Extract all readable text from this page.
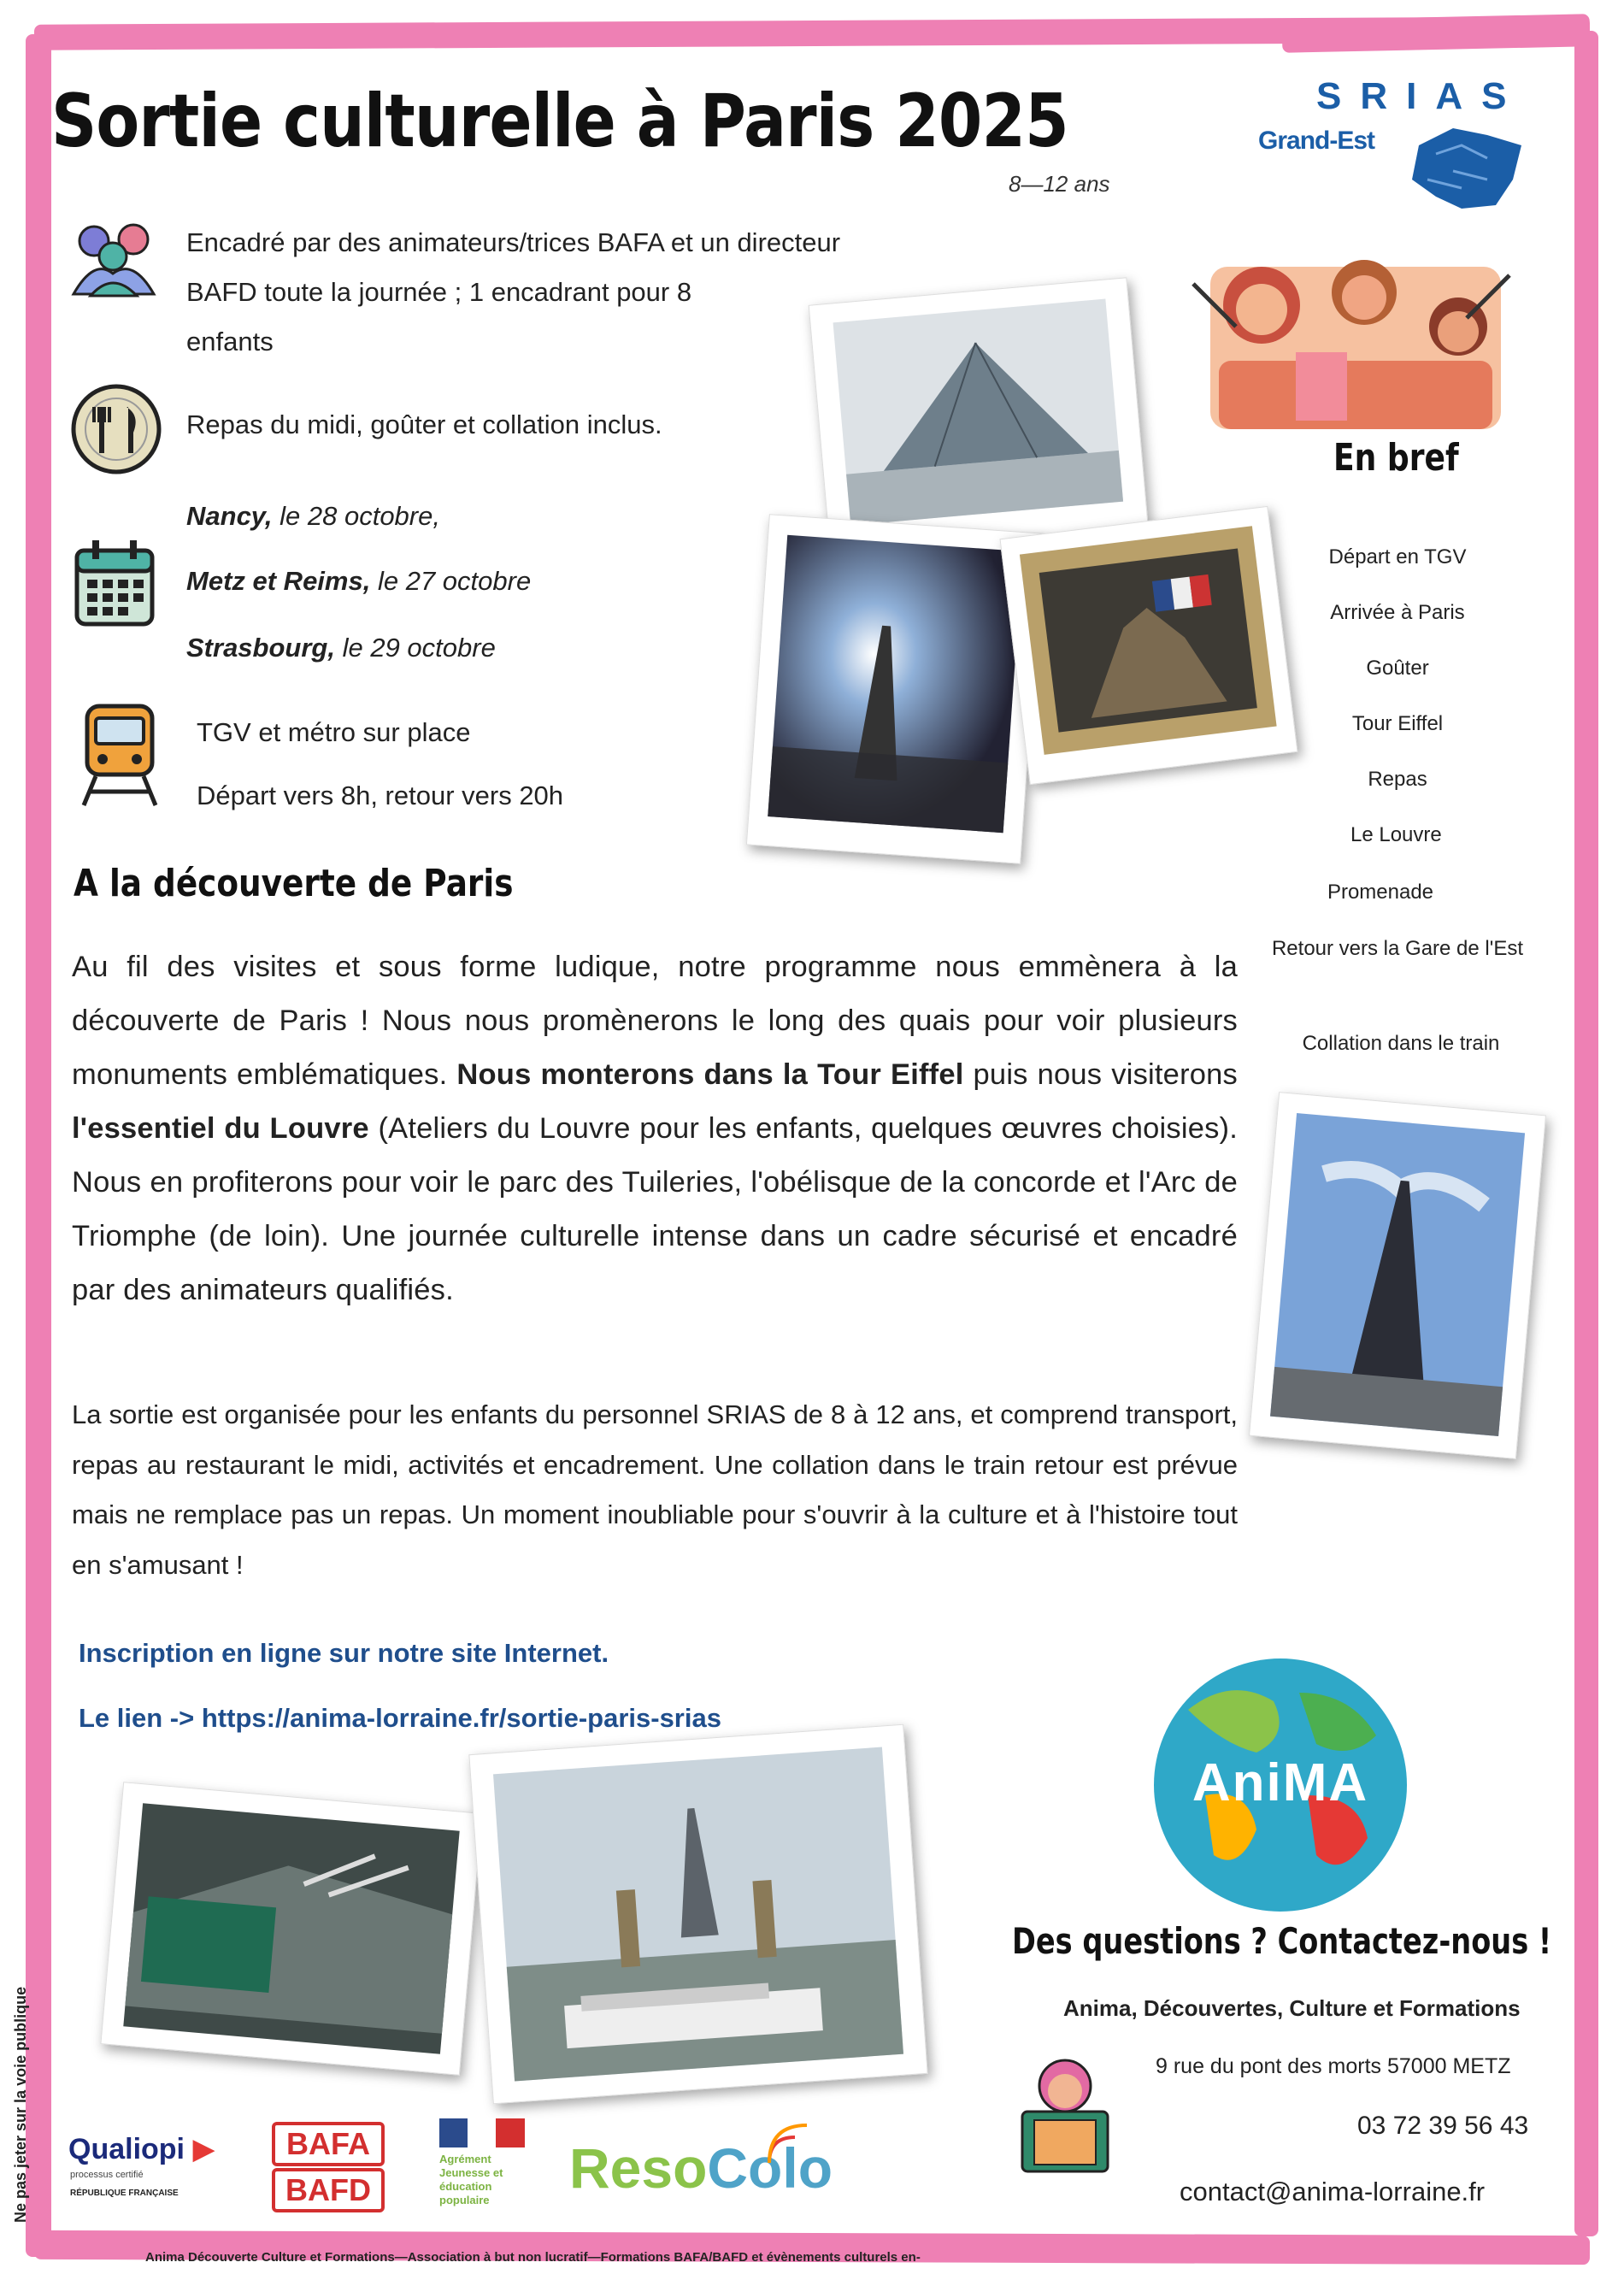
Sortie culturelle à Paris 2025
8—12 ans
SRIAS
Grand-Est
Encadré par des animateurs/trices BAFA et un directeur
BAFD toute la journée ; 1 encadrant pour 8
enfants
Repas du midi, goûter et collation inclus.
Nancy, le 28 octobre,
Metz et Reims, le 27 octobre
Strasbourg, le 29 octobre
TGV et métro sur place
Départ vers 8h, retour vers 20h
En bref
Départ en TGV
Arrivée à Paris
Goûter
Tour Eiffel
Repas
Le Louvre
Promenade
Retour vers la Gare de l'Est
Collation dans le train
A la découverte de Paris
Au fil des visites et sous forme ludique, notre programme nous emmènera à la découverte de Paris ! Nous nous promènerons le long des quais pour voir plusieurs monuments emblématiques. Nous monterons dans la Tour Eiffel puis nous visiterons l'essentiel du Louvre (Ateliers du Louvre pour les enfants, quelques œuvres choisies). Nous en profiterons pour voir le parc des Tuileries, l'obélisque de la concorde et l'Arc de Triomphe (de loin). Une journée culturelle intense dans un cadre sécurisé et encadré par des animateurs qualifiés.
La sortie est organisée pour les enfants du personnel SRIAS de 8 à 12 ans, et comprend transport, repas au restaurant le midi, activités et encadrement. Une collation dans le train retour est prévue mais ne remplace pas un repas. Un moment inoubliable pour s'ouvrir à la culture et à l'histoire tout en s'amusant !
Inscription en ligne sur notre site Internet.
Le lien -> https://anima-lorraine.fr/sortie-paris-srias
AniMA
Des questions ? Contactez-nous !
Anima, Découvertes, Culture et Formations
9 rue du pont des morts 57000 METZ
03 72 39 56 43
contact@anima-lorraine.fr
Qualiopi ▶
processus certifié
RÉPUBLIQUE FRANÇAISE
BAFA
BAFD
Agrément Jeunesse et éducation populaire
ResoColo
Ne pas jeter sur la voie publique
Anima Découverte Culture et Formations—Association à but non lucratif—Formations BAFA/BAFD et évènements culturels en-
